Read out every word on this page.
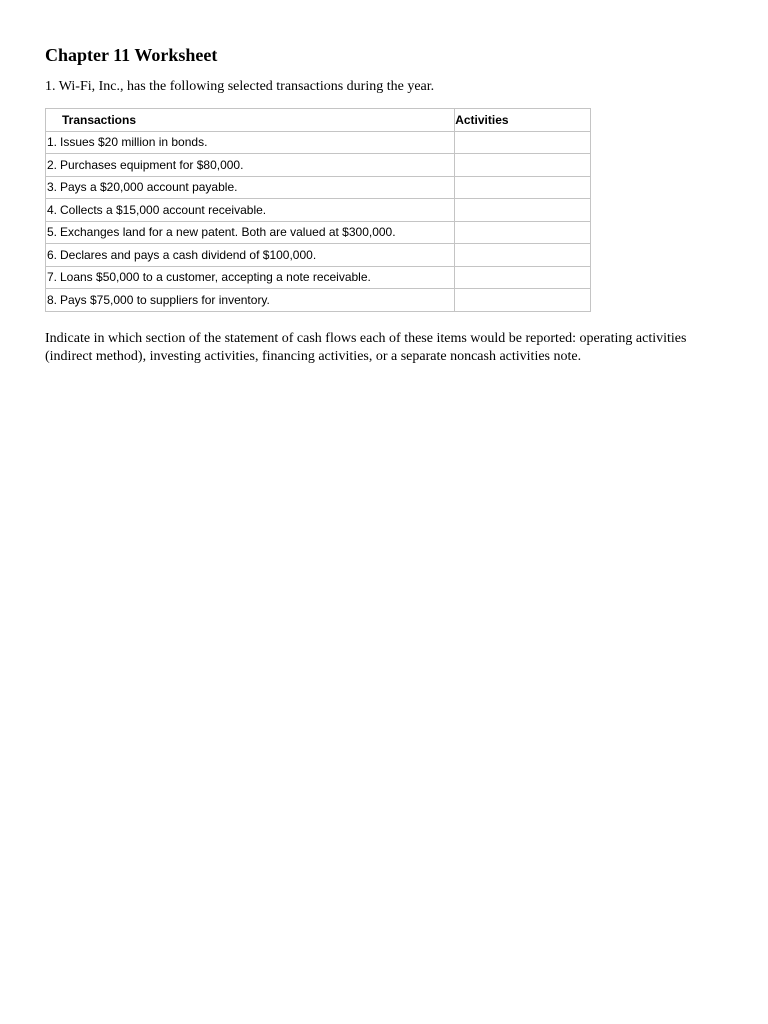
Chapter 11 Worksheet
1. Wi-Fi, Inc., has the following selected transactions during the year.
	Transactions	Activities
1.	Issues $20 million in bonds.	
2.	Purchases equipment for $80,000.	
3.	Pays a $20,000 account payable.	
4.	Collects a $15,000 account receivable.	
5.	Exchanges land for a new patent. Both are valued at $300,000.	
6.	Declares and pays a cash dividend of $100,000.	
7.	Loans $50,000 to a customer, accepting a note receivable.	
8.	Pays $75,000 to suppliers for inventory.	
Indicate in which section of the statement of cash flows each of these items would be reported: operating activities (indirect method), investing activities, financing activities, or a separate noncash activities note.
